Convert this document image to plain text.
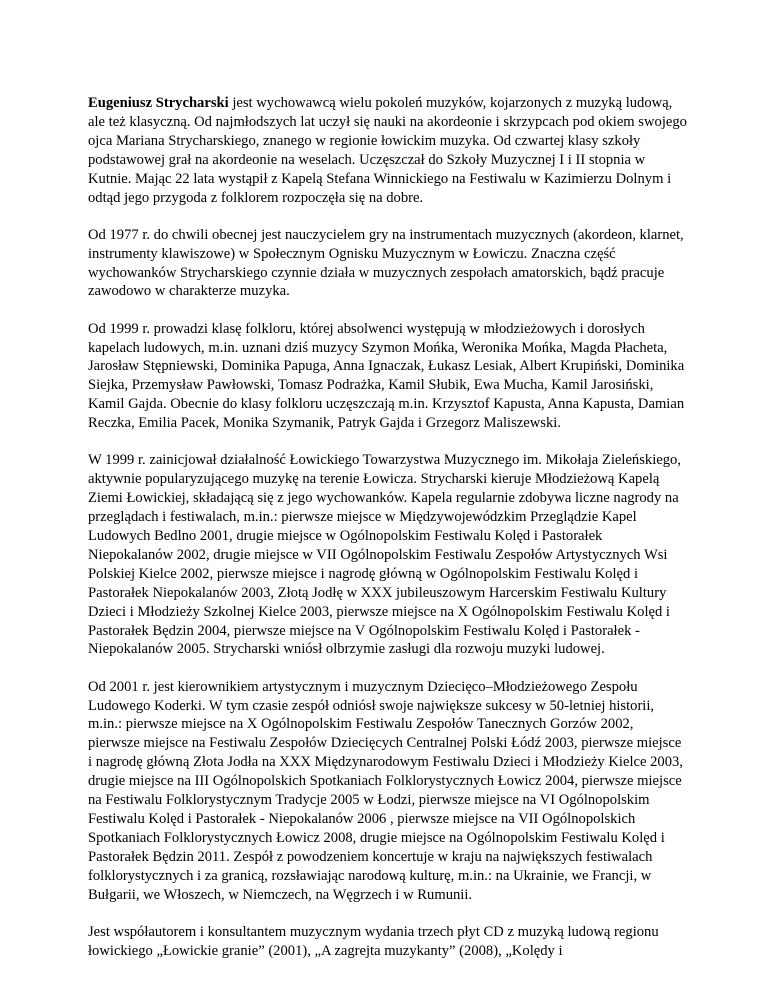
Eugeniusz Strycharski jest wychowawcą wielu pokoleń muzyków, kojarzonych z muzyką ludową, ale też klasyczną. Od najmłodszych lat uczył się nauki na akordeonie i skrzypcach pod okiem swojego ojca Mariana Strycharskiego, znanego w regionie łowickim muzyka. Od czwartej klasy szkoły podstawowej grał na akordeonie na weselach. Uczęszczał do Szkoły Muzycznej I i II stopnia w Kutnie. Mając 22 lata wystąpił z Kapelą Stefana Winnickiego na Festiwalu w Kazimierzu Dolnym i odtąd jego przygoda z folklorem rozpoczęła się na dobre.

Od 1977 r. do chwili obecnej jest nauczycielem gry na instrumentach muzycznych (akordeon, klarnet, instrumenty klawiszowe) w Społecznym Ognisku Muzycznym w Łowiczu. Znaczna część wychowanków Strycharskiego czynnie działa w muzycznych zespołach amatorskich, bądź pracuje zawodowo w charakterze muzyka.

Od 1999 r. prowadzi klasę folkloru, której absolwenci występują w młodzieżowych i dorosłych kapelach ludowych, m.in. uznani dziś muzycy Szymon Mońka, Weronika Mońka, Magda Płacheta, Jarosław Stępniewski, Dominika Papuga, Anna Ignaczak, Łukasz Lesiak, Albert Krupiński, Dominika Siejka, Przemysław Pawłowski, Tomasz Podrażka, Kamil Słubik, Ewa Mucha, Kamil Jarosiński, Kamil Gajda. Obecnie do klasy folkloru uczęszczają m.in. Krzysztof Kapusta, Anna Kapusta, Damian Reczka, Emilia Pacek, Monika Szymanik, Patryk Gajda i Grzegorz Maliszewski.

W 1999 r. zainicjował działalność Łowickiego Towarzystwa Muzycznego im. Mikołaja Zieleńskiego, aktywnie popularyzującego muzykę na terenie Łowicza. Strycharski kieruje Młodzieżową Kapelą Ziemi Łowickiej, składającą się z jego wychowanków. Kapela regularnie zdobywa liczne nagrody na przeglądach i festiwalach, m.in.: pierwsze miejsce w Międzywojewódzkim Przeglądzie Kapel Ludowych Bedlno 2001, drugie miejsce w Ogólnopolskim Festiwalu Kolęd i Pastorałek Niepokalanów 2002, drugie miejsce w VII Ogólnopolskim Festiwalu Zespołów Artystycznych Wsi Polskiej Kielce 2002, pierwsze miejsce i nagrodę główną w Ogólnopolskim Festiwalu Kolęd i Pastorałek Niepokalanów 2003, Złotą Jodłę w XXX jubileuszowym Harcerskim Festiwalu Kultury Dzieci i Młodzieży Szkolnej Kielce 2003, pierwsze miejsce na X Ogólnopolskim Festiwalu Kolęd i Pastorałek Będzin 2004, pierwsze miejsce na V Ogólnopolskim Festiwalu Kolęd i Pastorałek - Niepokalanów 2005. Strycharski wniósł olbrzymie zasługi dla rozwoju muzyki ludowej.

Od 2001 r. jest kierownikiem artystycznym i muzycznym Dziecięco–Młodzieżowego Zespołu Ludowego Koderki. W tym czasie zespół odniósł swoje największe sukcesy w 50-letniej historii, m.in.: pierwsze miejsce na X Ogólnopolskim Festiwalu Zespołów Tanecznych Gorzów 2002, pierwsze miejsce na Festiwalu Zespołów Dziecięcych Centralnej Polski Łódź 2003, pierwsze miejsce i nagrodę główną Złota Jodła na XXX Międzynarodowym Festiwalu Dzieci i Młodzieży Kielce 2003, drugie miejsce na III Ogólnopolskich Spotkaniach Folklorystycznych Łowicz 2004, pierwsze miejsce na Festiwalu Folklorystycznym Tradycje 2005 w Łodzi, pierwsze miejsce na VI Ogólnopolskim Festiwalu Kolęd i Pastorałek - Niepokalanów 2006 , pierwsze miejsce na VII Ogólnopolskich Spotkaniach Folklorystycznych Łowicz 2008, drugie miejsce na Ogólnopolskim Festiwalu Kolęd i Pastorałek Będzin 2011. Zespół z powodzeniem koncertuje w kraju na największych festiwalach folklorystycznych i za granicą, rozsławiając narodową kulturę, m.in.: na Ukrainie, we Francji, w Bułgarii, we Włoszech, w Niemczech, na Węgrzech i w Rumunii.

Jest współautorem i konsultantem muzycznym wydania trzech płyt CD z muzyką ludową regionu łowickiego „Łowickie granie” (2001), „A zagrejta muzykanty” (2008), „Kolędy i
